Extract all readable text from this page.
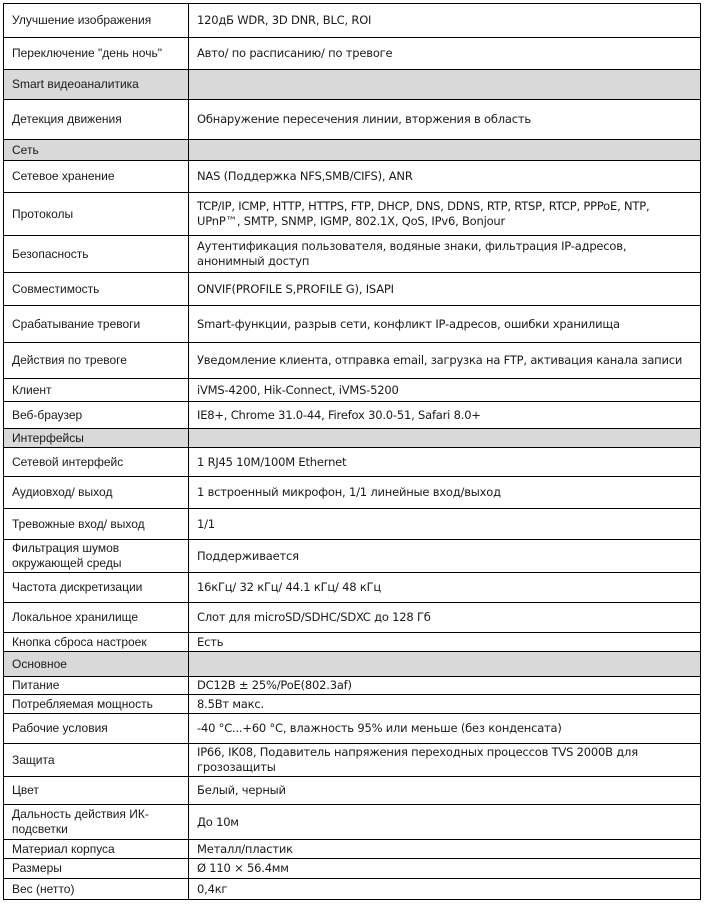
Улучшение изображения	120дБ WDR, 3D DNR, BLC, ROI
Переключение "день ночь"	Авто/ по расписанию/ по тревоге
Smart видеоаналитика	
Детекция движения	Обнаружение пересечения линии, вторжения в область
Сеть	
Сетевое хранение	NAS (Поддержка NFS,SMB/CIFS), ANR
Протоколы	TCP/IP, ICMP, HTTP, HTTPS, FTP, DHCP, DNS, DDNS, RTP, RTSP, RTCP, PPPoE, NTP, UPnP™, SMTP, SNMP, IGMP, 802.1X, QoS, IPv6, Bonjour
Безопасность	Аутентификация пользователя, водяные знаки, фильтрация IP-адресов, анонимный доступ
Совместимость	ONVIF(PROFILE S,PROFILE G), ISAPI
Срабатывание тревоги	Smart-функции, разрыв сети, конфликт IP-адресов, ошибки хранилища
Действия по тревоге	Уведомление клиента, отправка email, загрузка на FTP, активация канала записи
Клиент	iVMS-4200, Hik-Connect, iVMS-5200
Веб-браузер	IE8+, Chrome 31.0-44, Firefox 30.0-51, Safari 8.0+
Интерфейсы	
Сетевой интерфейс	1 RJ45 10M/100M Ethernet
Аудиовход/ выход	1 встроенный микрофон, 1/1 линейные вход/выход
Тревожные вход/ выход	1/1
Фильтрация шумов окружающей среды	Поддерживается
Частота дискретизации	16кГц/ 32 кГц/ 44.1 кГц/ 48 кГц
Локальное хранилище	Слот для microSD/SDHC/SDXC до 128 Гб
Кнопка сброса настроек	Есть
Основное	
Питание	DC12В ± 25%/PoE(802.3af)
Потребляемая мощность	8.5Вт макс.
Рабочие условия	-40 °C...+60 °C, влажность 95% или меньше (без конденсата)
Защита	IP66, IK08, Подавитель напряжения переходных процессов TVS 2000В для грозозащиты
Цвет	Белый, черный
Дальность действия ИК-подсветки	До 10м
Материал корпуса	Металл/пластик
Размеры	Ø 110 × 56.4мм
Вес (нетто)	0,4кг
